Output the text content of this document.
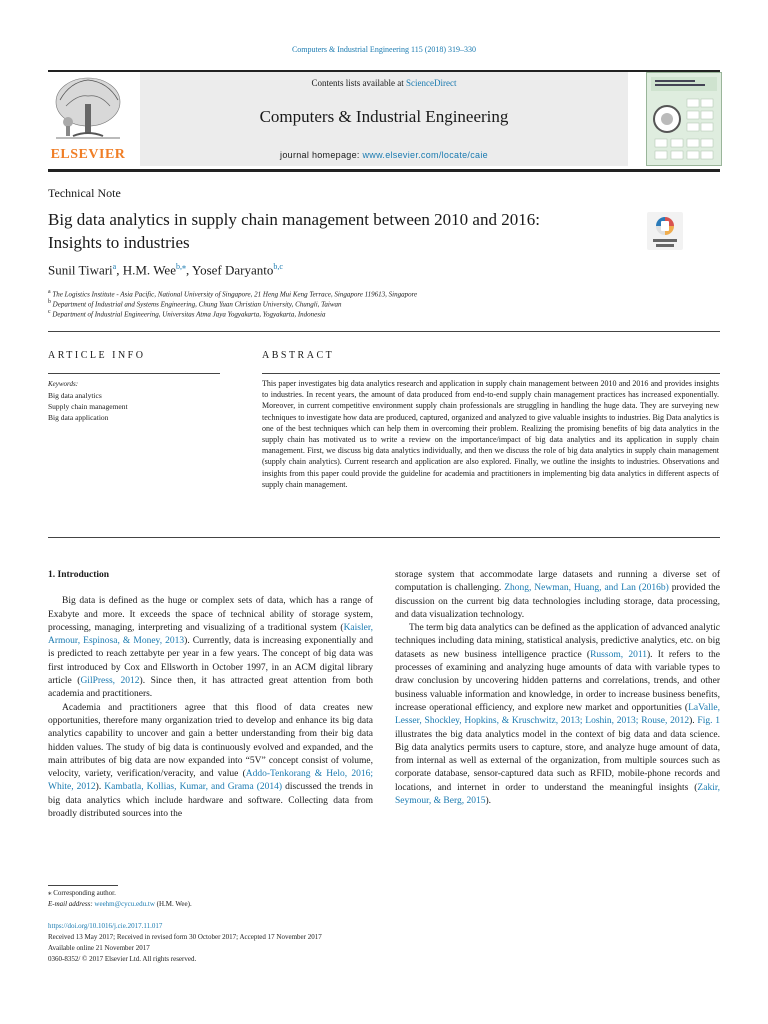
Computers & Industrial Engineering 115 (2018) 319–330
ELSEVIER
Contents lists available at ScienceDirect
Computers & Industrial Engineering
journal homepage: www.elsevier.com/locate/caie
Technical Note
Big data analytics in supply chain management between 2010 and 2016:
Insights to industries
Sunil Tiwari$^a$, H.M. Wee$^{b,⁎}$, Yosef Daryanto$^{b,c}$
$^a$ The Logistics Institute - Asia Pacific, National University of Singapore, 21 Heng Mui Keng Terrace, Singapore 119613, Singapore
$^b$ Department of Industrial and Systems Engineering, Chung Yuan Christian University, Chungli, Taiwan
$^c$ Department of Industrial Engineering, Universitas Atma Jaya Yogyakarta, Yogyakarta, Indonesia
ARTICLE INFO
Keywords:
Big data analytics
Supply chain management
Big data application
ABSTRACT
This paper investigates big data analytics research and application in supply chain management between 2010 and 2016 and provides insights to industries. In recent years, the amount of data produced from end-to-end supply chain management practices has increased exponentially. Moreover, in current competitive environment supply chain professionals are struggling in handling the huge data. They are surveying new techniques to investigate how data are produced, captured, organized and analyzed to give valuable insights to industries. Big Data analytics is one of the best techniques which can help them in overcoming their problem. Realizing the promising benefits of big data analytics in the supply chain has motivated us to write a review on the importance/impact of big data analytics and its application in supply chain management. First, we discuss big data analytics individually, and then we discuss the role of big data analytics in supply chain management (supply chain analytics). Current research and application are also explored. Finally, we outline the insights to industries. Observations and insights from this paper could provide the guideline for academia and practitioners in implementing big data analytics in different aspects of supply chain management.
1. Introduction

Big data is defined as the huge or complex sets of data, which has a range of Exabyte and more. It exceeds the space of technical ability of storage system, processing, managing, interpreting and visualizing of a traditional system (Kaisler, Armour, Espinosa, & Money, 2013). Currently, data is increasing exponentially and is predicted to reach zettabyte per year in a few years. The concept of big data was first introduced by Cox and Ellsworth in October 1997, in an ACM digital library article (GilPress, 2012). Since then, it has attracted great attention from both academia and practitioners.

Academia and practitioners agree that this flood of data creates new opportunities, therefore many organization tried to develop and enhance its big data analytics capability to uncover and gain a better understanding from their big data hidden values. The study of big data is continuously evolved and expanded, and the main attributes of big data are now expanded into “5V” concept consist of volume, velocity, variety, verification/veracity, and value (Addo-Tenkorang & Helo, 2016; White, 2012). Kambatla, Kollias, Kumar, and Grama (2014) discussed the trends in big data analytics which include hardware and software. Collecting data from broadly distributed sources into the

storage system that accommodate large datasets and running a diverse set of computation is challenging. Zhong, Newman, Huang, and Lan (2016b) provided the discussion on the current big data technologies including storage, data processing, and data visualization technology.

The term big data analytics can be defined as the application of advanced analytic techniques including data mining, statistical analysis, predictive analytics, etc. on big datasets as new business intelligence practice (Russom, 2011). It refers to the processes of examining and analyzing huge amounts of data with variable types to draw conclusion by uncovering hidden patterns and correlations, trends, and other business valuable information and knowledge, in order to increase business benefits, increase operational efficiency, and explore new market and opportunities (LaValle, Lesser, Shockley, Hopkins, & Kruschwitz, 2013; Loshin, 2013; Rouse, 2012). Fig. 1 illustrates the big data analytics model in the context of big data and data science. Big data analytics permits users to capture, store, and analyze huge amount of data, from internal as well as external of the organization, from multiple sources such as corporate database, sensor-captured data such as RFID, mobile-phone records and locations, and internet in order to understand the meaningful insights (Zakir, Seymour, & Berg, 2015).

⁎ Corresponding author.
E-mail address: weehm@cycu.edu.tw (H.M. Wee).
https://doi.org/10.1016/j.cie.2017.11.017
Received 13 May 2017; Received in revised form 30 October 2017; Accepted 17 November 2017
Available online 21 November 2017
0360-8352/ © 2017 Elsevier Ltd. All rights reserved.
